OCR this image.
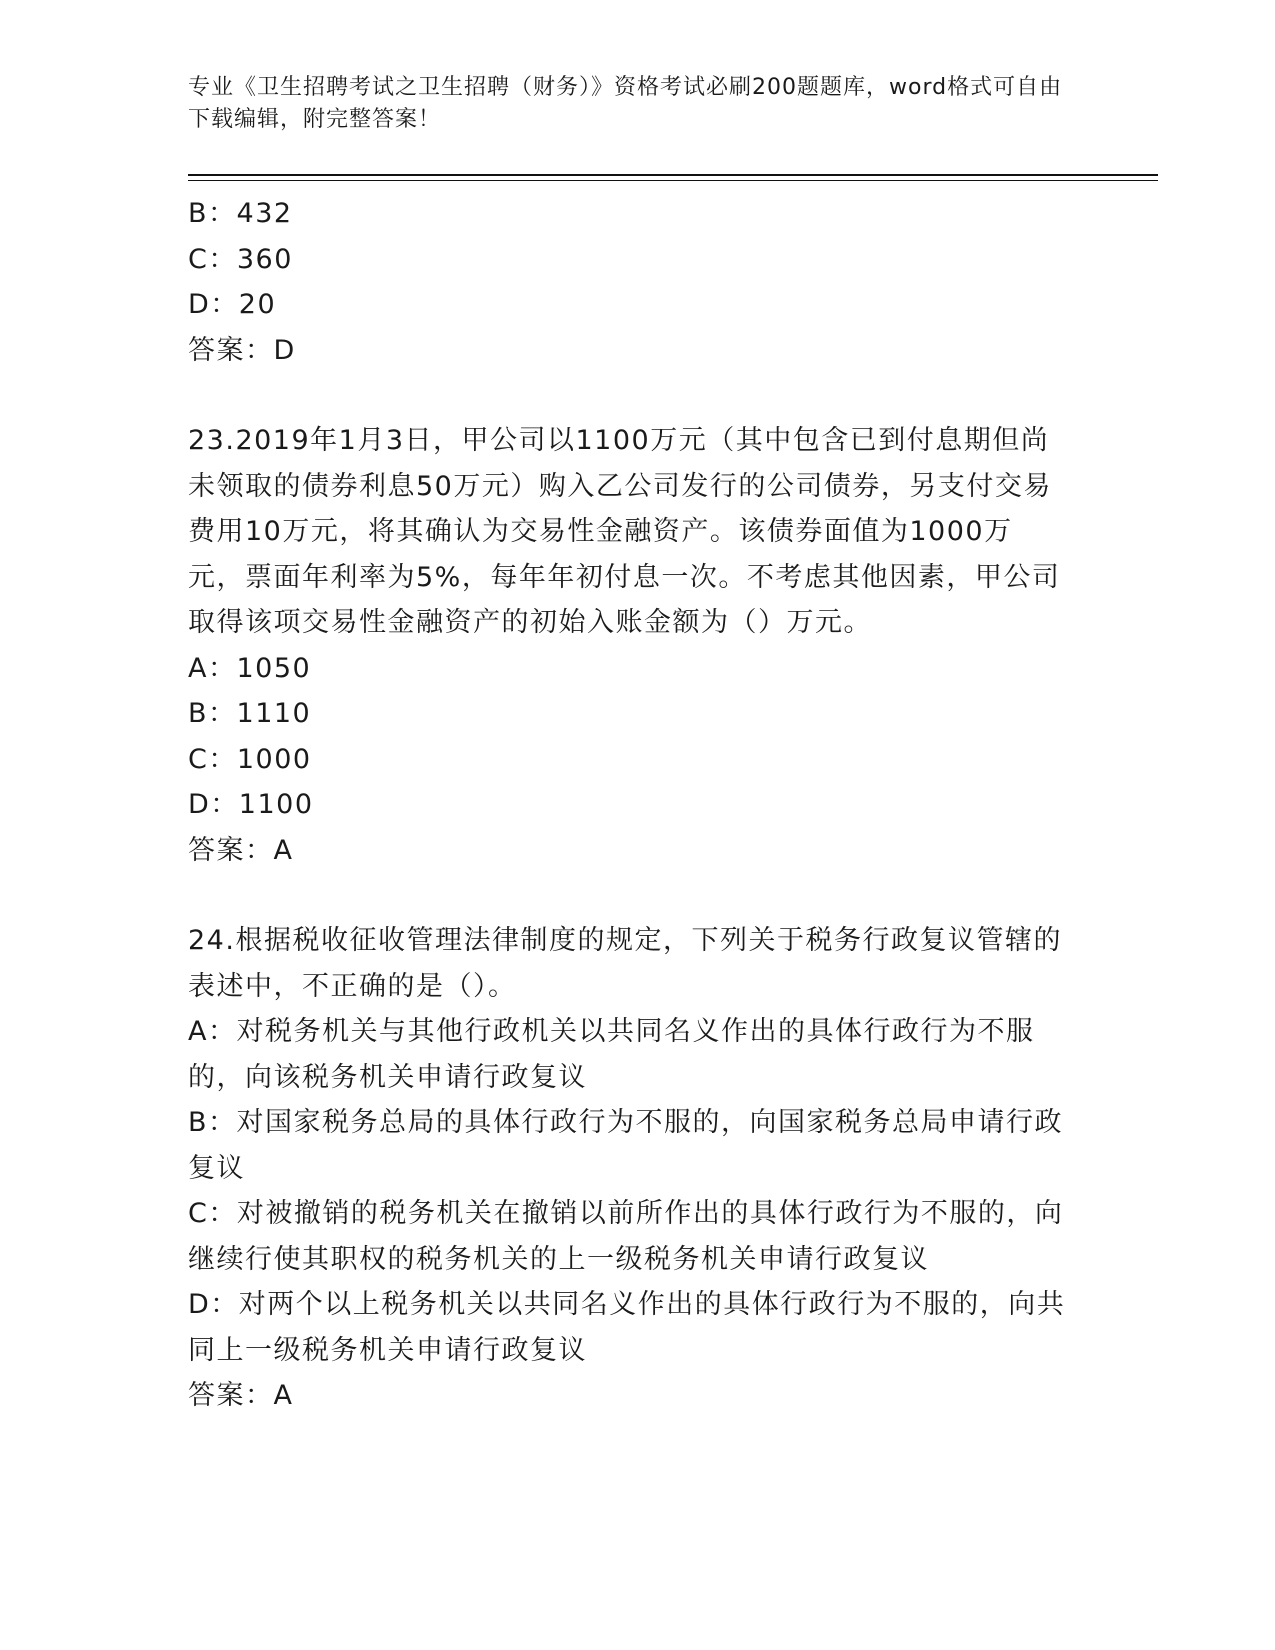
专业《卫生招聘考试之卫生招聘（财务）》资格考试必刷200题题库，word格式可自由下载编辑，附完整答案！
B：432
C：360
D：20
答案：D
23.2019年1月3日，甲公司以1100万元（其中包含已到付息期但尚未领取的债券利息50万元）购入乙公司发行的公司债券，另支付交易费用10万元，将其确认为交易性金融资产。该债券面值为1000万元，票面年利率为5%，每年年初付息一次。不考虑其他因素，甲公司取得该项交易性金融资产的初始入账金额为（）万元。
A：1050
B：1110
C：1000
D：1100
答案：A
24.根据税收征收管理法律制度的规定，下列关于税务行政复议管辖的表述中，不正确的是（）。
A：对税务机关与其他行政机关以共同名义作出的具体行政行为不服的，向该税务机关申请行政复议
B：对国家税务总局的具体行政行为不服的，向国家税务总局申请行政复议
C：对被撤销的税务机关在撤销以前所作出的具体行政行为不服的，向继续行使其职权的税务机关的上一级税务机关申请行政复议
D：对两个以上税务机关以共同名义作出的具体行政行为不服的，向共同上一级税务机关申请行政复议
答案：A
